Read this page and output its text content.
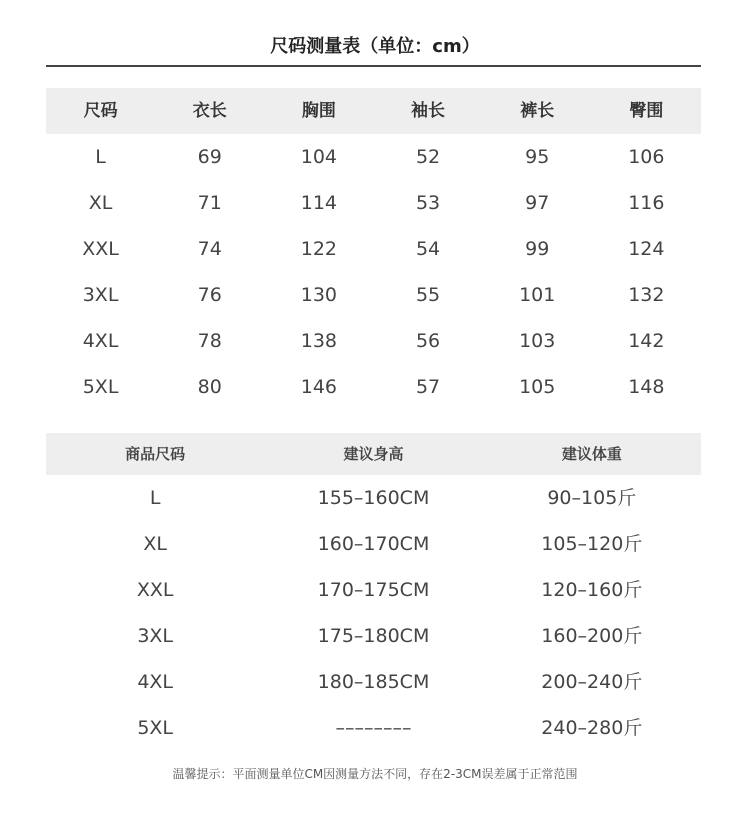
尺码测量表（单位：cm）
尺码	衣长	胸围	袖长	裤长	臀围
L	69	104	52	95	106
XL	71	114	53	97	116
XXL	74	122	54	99	124
3XL	76	130	55	101	132
4XL	78	138	56	103	142
5XL	80	146	57	105	148
商品尺码	建议身高	建议体重
L	155–160CM	90–105斤
XL	160–170CM	105–120斤
XXL	170–175CM	120–160斤
3XL	175–180CM	160–200斤
4XL	180–185CM	200–240斤
5XL	––––––––	240–280斤
温馨提示：平面测量单位CM因测量方法不同，存在2-3CM误差属于正常范围
